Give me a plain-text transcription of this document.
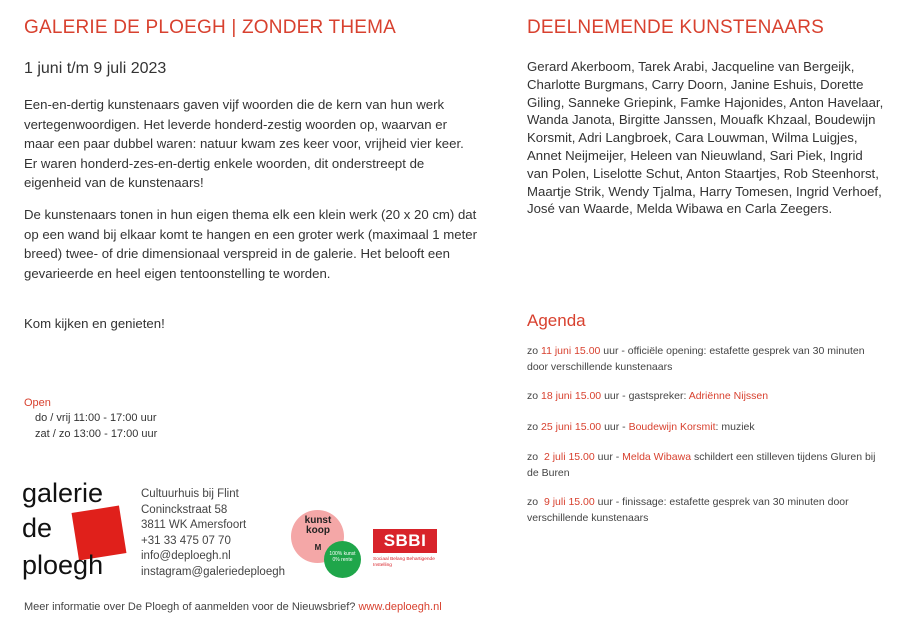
GALERIE DE PLOEGH | ZONDER THEMA
1 juni t/m 9 juli 2023

Een-en-dertig kunstenaars gaven vijf woorden die de kern van hun werk vertegenwoordigen. Het leverde honderd-zestig woorden op, waarvan er maar een paar dubbel waren: natuur kwam zes keer voor, vrijheid vier keer. Er waren honderd-zes-en-dertig enkele woorden, dit onderstreept de eigenheid van de kunstenaars!

De kunstenaars tonen in hun eigen thema elk een klein werk (20 x 20 cm) dat op een wand bij elkaar komt te hangen en een groter werk (maximaal 1 meter breed) twee- of drie dimensionaal verspreid in de galerie. Het belooft een gevarieerde en heel eigen tentoonstelling te worden.

Kom kijken en genieten!

Open
do / vrij 11:00 - 17:00 uur
zat / zo 13:00 - 17:00 uur
galerie
de
ploegh
Cultuurhuis bij Flint
Coninckstraat 58
3811 WK Amersfoort
+31 33 475 07 70
info@deploegh.nl
instagram@galeriedeploegh
kunst
koop
M
100% kunst 0% rente
SBBI
Sociaal Belang Behartigende Instelling
Meer informatie over De Ploegh of aanmelden voor de Nieuwsbrief? www.deploegh.nl
DEELNEMENDE KUNSTENAARS

Gerard Akerboom, Tarek Arabi, Jacqueline van Bergeijk, Charlotte Burgmans, Carry Doorn, Janine Eshuis, Dorette Giling, Sanneke Griepink, Famke Hajonides, Anton Havelaar, Wanda Janota, Birgitte Janssen, Mouafk Khzaal, Boudewijn Korsmit, Adri Langbroek, Cara Louwman, Wilma Luigjes, Annet Neijmeijer, Heleen van Nieuwland, Sari Piek, Ingrid van Polen, Liselotte Schut, Anton Staartjes, Rob Steenhorst, Maartje Strik, Wendy Tjalma, Harry Tomesen, Ingrid Verhoef, José van Waarde, Melda Wibawa en Carla Zeegers.

Agenda
zo 11 juni 15.00 uur - officiële opening: estafette gesprek van 30 minuten door verschillende kunstenaars
zo 18 juni 15.00 uur - gastspreker: Adriënne Nijssen
zo 25 juni 15.00 uur - Boudewijn Korsmit: muziek
zo 2 juli 15.00 uur - Melda Wibawa schildert een stilleven tijdens Gluren bij de Buren
zo 9 juli 15.00 uur - finissage: estafette gesprek van 30 minuten door verschillende kunstenaars
